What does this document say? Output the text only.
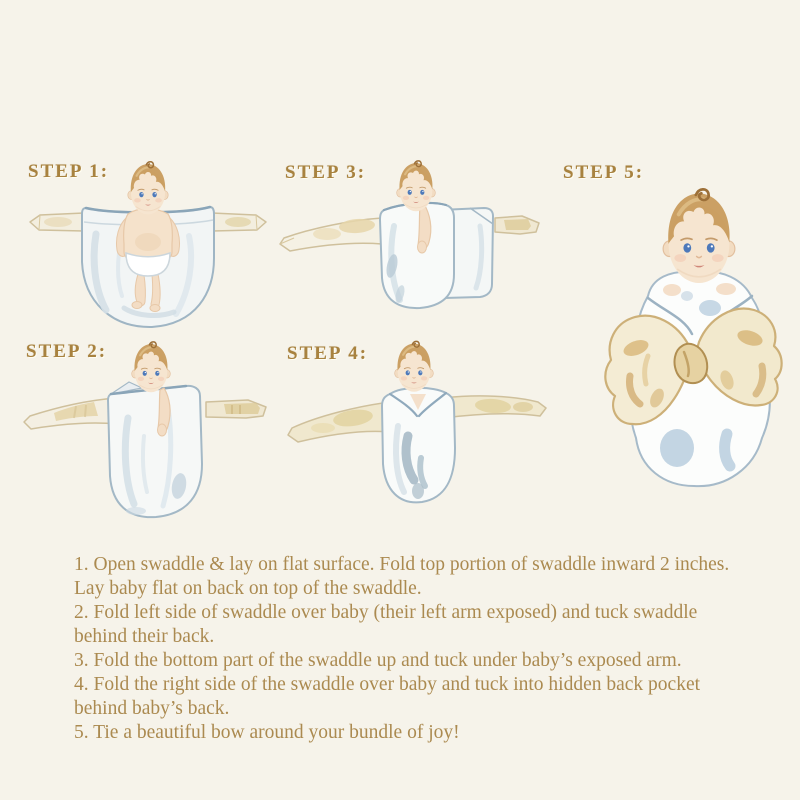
STEP 1:
STEP 2:
STEP 3:
STEP 4:
STEP 5:

1. Open swaddle & lay on flat surface. Fold top portion of swaddle inward 2 inches. Lay baby flat on back on top of the swaddle.

2. Fold left side of swaddle over baby (their left arm exposed) and tuck swaddle behind their back.

3. Fold the bottom part of the swaddle up and tuck under baby’s exposed arm.

4. Fold the right side of the swaddle over baby and tuck into hidden back pocket behind baby’s back.

5. Tie a beautiful bow around your bundle of joy!
